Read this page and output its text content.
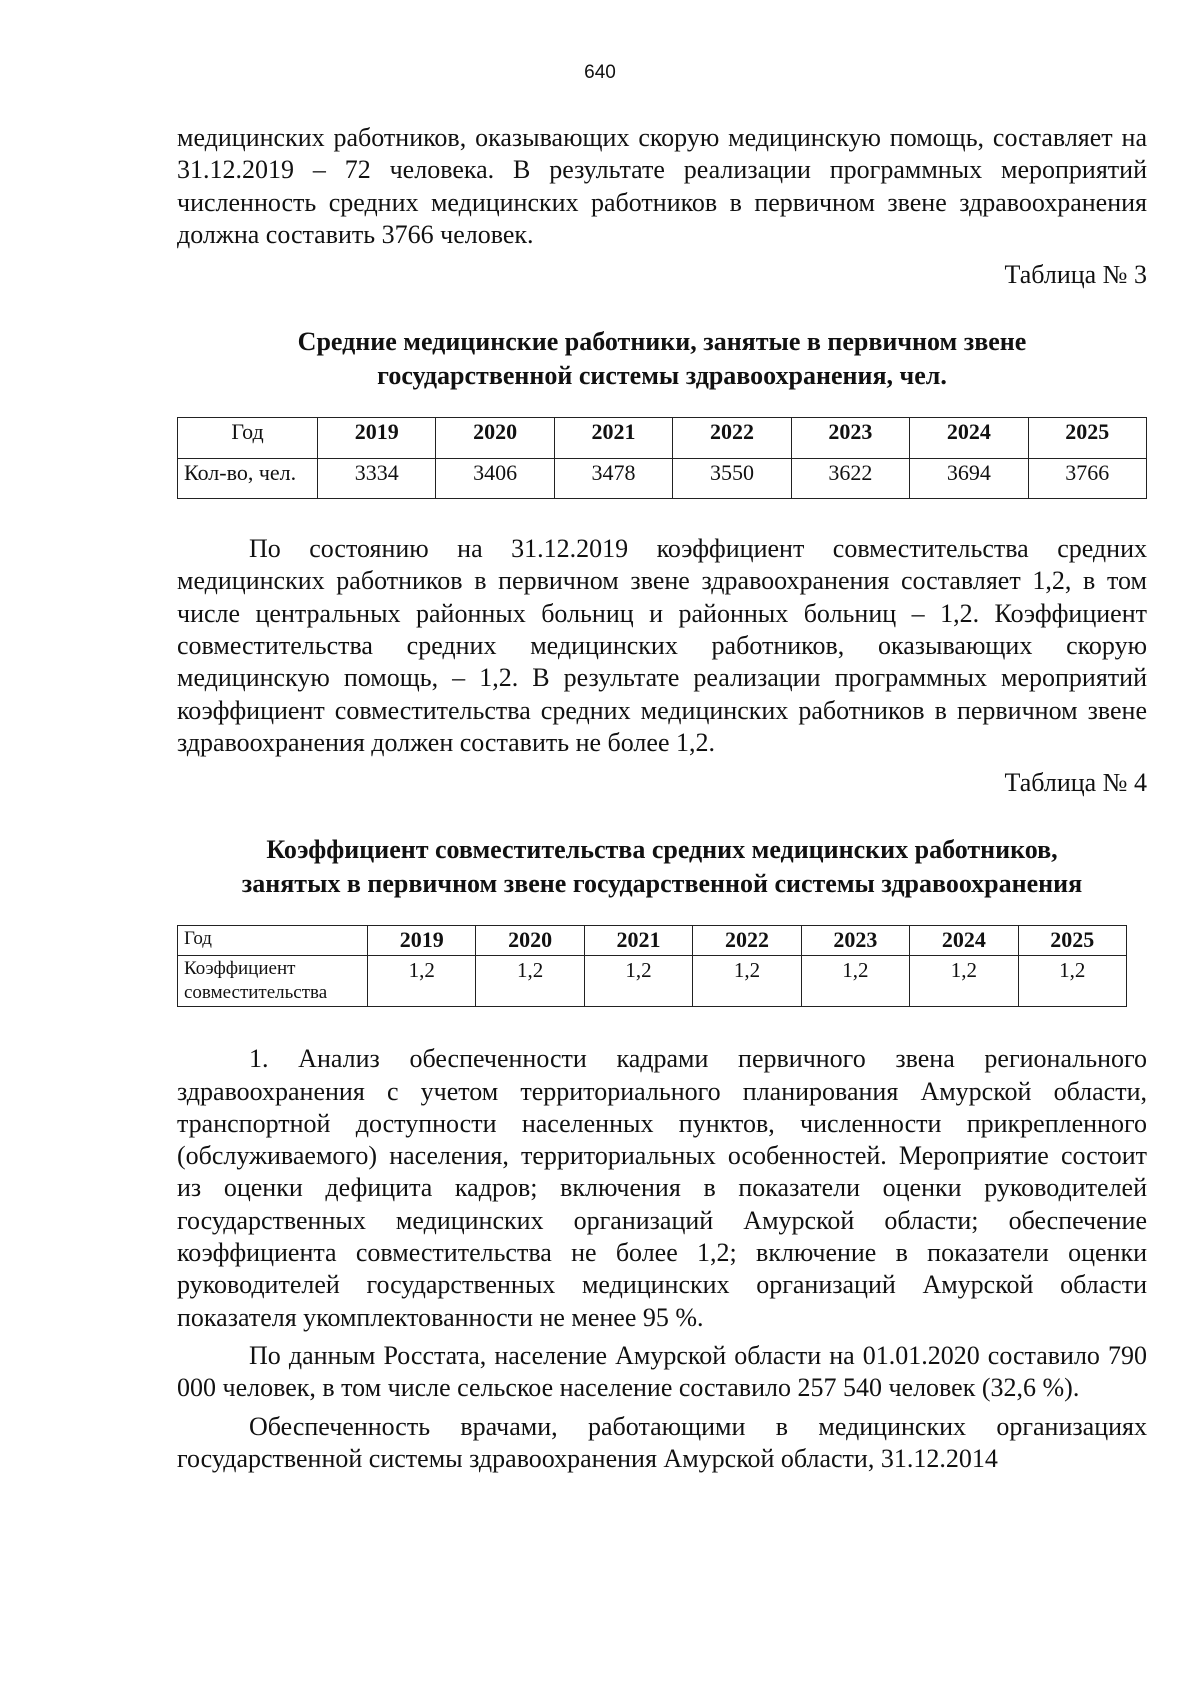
640

медицинских работников, оказывающих скорую медицинскую помощь, составляет на 31.12.2019 – 72 человека. В результате реализации программных мероприятий численность средних медицинских работников в первичном звене здравоохранения должна составить 3766 человек.

Таблица № 3
Средние медицинские работники, занятые в первичном звене
государственной системы здравоохранения, чел.
Год	2019	2020	2021	2022	2023	2024	2025
Кол-во, чел.	3334	3406	3478	3550	3622	3694	3766

По состоянию на 31.12.2019 коэффициент совместительства средних медицинских работников в первичном звене здравоохранения составляет 1,2, в том числе центральных районных больниц и районных больниц – 1,2. Коэффициент совместительства средних медицинских работников, оказывающих скорую медицинскую помощь, – 1,2. В результате реализации программных мероприятий коэффициент совместительства средних медицинских работников в первичном звене здравоохранения должен составить не более 1,2.

Таблица № 4
Коэффициент совместительства средних медицинских работников,
занятых в первичном звене государственной системы здравоохранения
Год	2019	2020	2021	2022	2023	2024	2025
Коэффициент совместительства	1,2	1,2	1,2	1,2	1,2	1,2	1,2

1. Анализ обеспеченности кадрами первичного звена регионального здравоохранения с учетом территориального планирования Амурской области, транспортной доступности населенных пунктов, численности прикрепленного (обслуживаемого) населения, территориальных особенностей. Мероприятие состоит из оценки дефицита кадров; включения в показатели оценки руководителей государственных медицинских организаций Амурской области; обеспечение коэффициента совместительства не более 1,2; включение в показатели оценки руководителей государственных медицинских организаций Амурской области показателя укомплектованности не менее 95 %.

По данным Росстата, население Амурской области на 01.01.2020 составило 790 000 человек, в том числе сельское население составило 257 540 человек (32,6 %).

Обеспеченность врачами, работающими в медицинских организациях государственной системы здравоохранения Амурской области, 31.12.2014
